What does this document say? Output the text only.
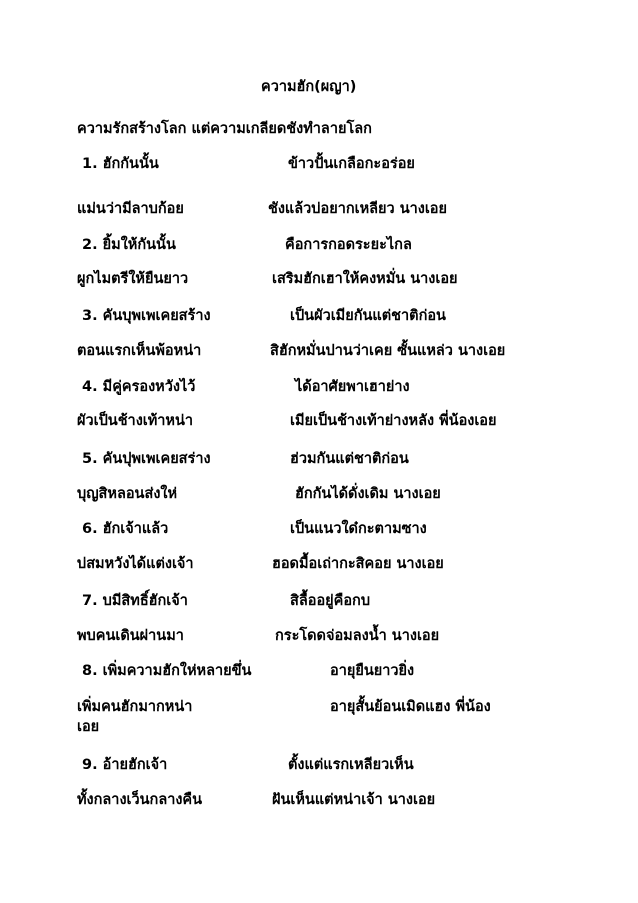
ความฮัก(ผญา)
ความรักสร้างโลก แต่ความเกลียดชังทำลายโลก
1. ฮักกันนั้น	ข้าวปั้นเกลือกะอร่อย
แม่นว่ามีลาบก้อย	ชังแล้วบ่อยากเหลียว นางเอย
2. ยิ้มให้กันนั้น	คือการกอดระยะไกล
ผูกไมตรีให้ยืนยาว	เสริมฮักเฮาให้คงหมั่น นางเอย
3. คันบุพเพเคยสร้าง	เป็นผัวเมียกันแต่ชาติก่อน
ตอนแรกเห็นพ้อหน่า	สิฮักหมั่นปานว่าเคย ซั้นแหล่ว นางเอย
4. มีคู่ครองหวังไว้	ได้อาศัยพาเฮาย่าง
ผัวเป็นช้างเท้าหน่า	เมียเป็นช้างเท้าย่างหลัง พี่น้องเอย
5. คันปุพเพเคยสร่าง	ฮ่วมกันแต่ชาติก่อน
บุญสิหลอนส่งให่	ฮักกันได้ดั่งเดิม นางเอย
6. ฮักเจ้าแล้ว	เป็นแนวใด๋กะตามซาง
บ่สมหวังได้แต่งเจ้า	ฮอดมื้อเถ่ากะสิคอย นางเอย
7. บมีสิทธิ์ฮักเจ้า	สิลื้ออยู่คือกบ
พบคนเดินผ่านมา	กระโดดจ่อมลงน้ำ นางเอย
8. เพิ่มความฮักให่หลายขึ่น	อายุยืนยาวยิ่ง
เพิ่มคนฮักมากหน่า	อายุสั้นย้อนเมิดแฮง พี่น้อง
เอย
9. อ้ายฮักเจ้า	ตั้งแต่แรกเหลียวเห็น
ทั้งกลางเว็นกลางคืน	ฝันเห็นแต่หน่าเจ้า นางเอย
